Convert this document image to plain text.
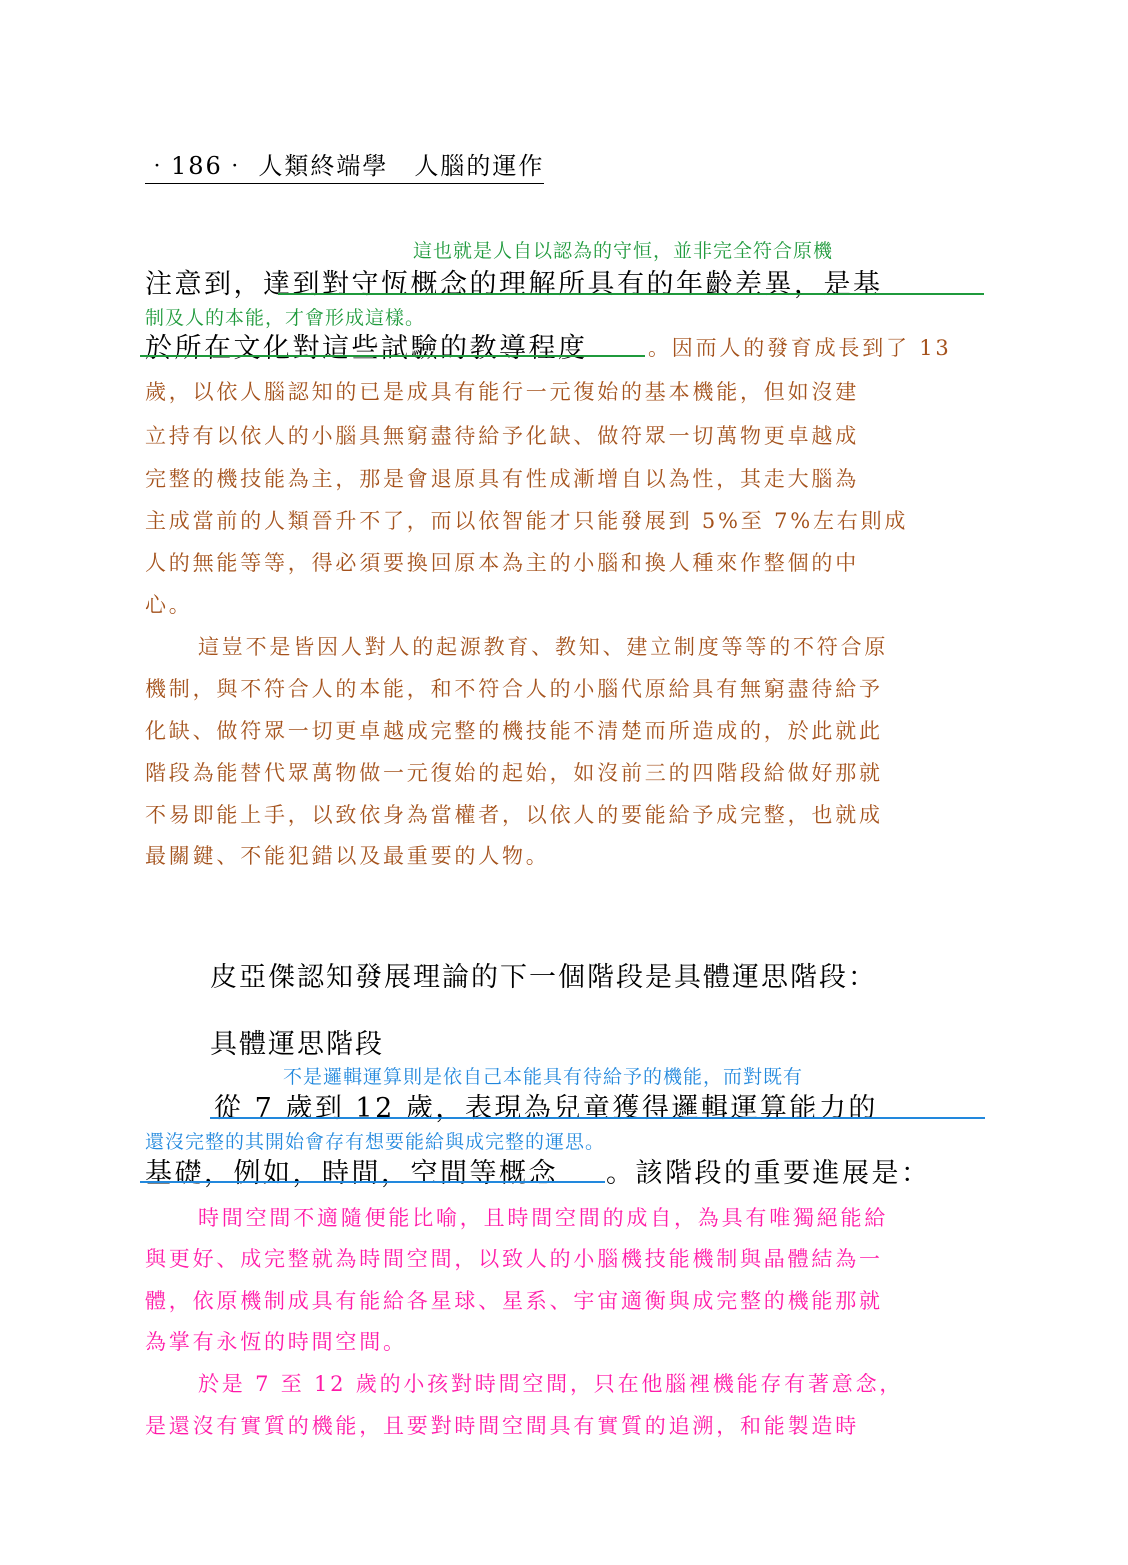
‧186‧ 人類終端學　人腦的運作
這也就是人自以認為的守恒，並非完全符合原機
注意到，達到對守恆概念的理解所具有的年齡差異，是基
制及人的本能，才會形成這樣。
於所在文化對這些試驗的教導程度	。因而人的發育成長到了 13
歲，以依人腦認知的已是成具有能行一元復始的基本機能，但如沒建
立持有以依人的小腦具無窮盡待給予化缺、做符眾一切萬物更卓越成
完整的機技能為主，那是會退原具有性成漸增自以為性，其走大腦為
主成當前的人類晉升不了，而以依智能才只能發展到 5%至 7%左右則成
人的無能等等，得必須要換回原本為主的小腦和換人種來作整個的中
心。
這豈不是皆因人對人的起源教育、教知、建立制度等等的不符合原
機制，與不符合人的本能，和不符合人的小腦代原給具有無窮盡待給予
化缺、做符眾一切更卓越成完整的機技能不清楚而所造成的，於此就此
階段為能替代眾萬物做一元復始的起始，如沒前三的四階段給做好那就
不易即能上手，以致依身為當權者，以依人的要能給予成完整，也就成
最關鍵、不能犯錯以及最重要的人物。
皮亞傑認知發展理論的下一個階段是具體運思階段：
具體運思階段
不是邏輯運算則是依自己本能具有待給予的機能，而對既有
從 7 歲到 12 歲，表現為兒童獲得邏輯運算能力的
還沒完整的其開始會存有想要能給與成完整的運思。
基礎，例如，時間，空間等概念 。該階段的重要進展是：
時間空間不適隨便能比喻，且時間空間的成自，為具有唯獨絕能給
與更好、成完整就為時間空間，以致人的小腦機技能機制與晶體結為一
體，依原機制成具有能給各星球、星系、宇宙適衡與成完整的機能那就
為掌有永恆的時間空間。
於是 7 至 12 歲的小孩對時間空間，只在他腦裡機能存有著意念，
是還沒有實質的機能，且要對時間空間具有實質的追溯，和能製造時
